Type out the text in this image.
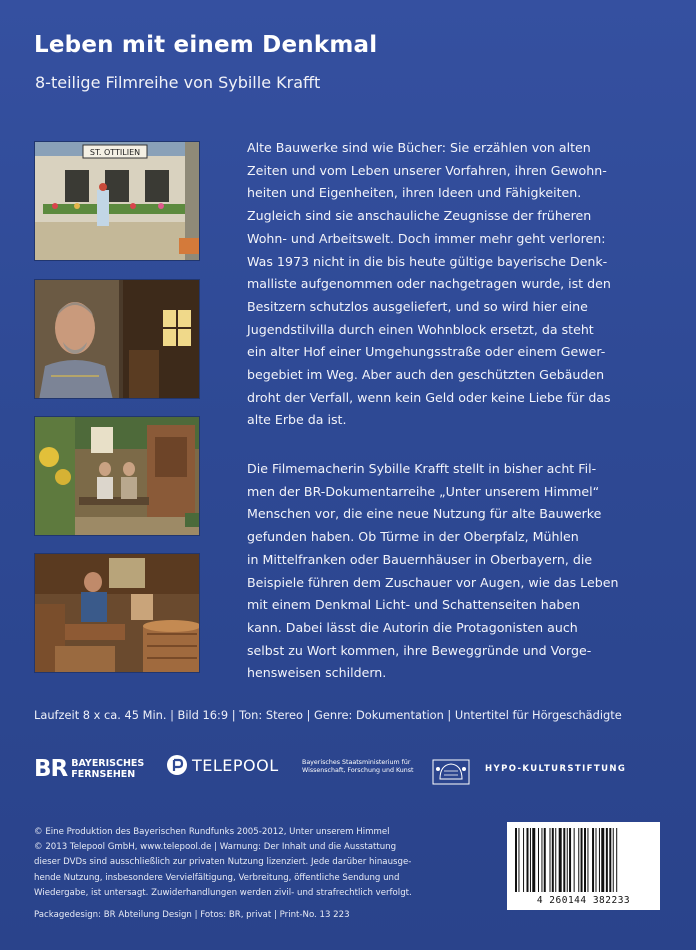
Leben mit einem Denkmal
8-teilige Filmreihe von Sybille Krafft
ST. OTTILIEN	Alte Bauwerke sind wie Bücher: Sie erzählen von alten
Zeiten und vom Leben unserer Vorfahren, ihren Gewohn-
heiten und Eigenheiten, ihren Ideen und Fähigkeiten.
Zugleich sind sie anschauliche Zeugnisse der früheren
Wohn- und Arbeitswelt. Doch immer mehr geht verloren:
Was 1973 nicht in die bis heute gültige bayerische Denk-
malliste aufgenommen oder nachgetragen wurde, ist den
Besitzern schutzlos ausgeliefert, und so wird hier eine
Jugendstilvilla durch einen Wohnblock ersetzt, da steht
ein alter Hof einer Umgehungsstraße oder einem Gewer-
begebiet im Weg. Aber auch den geschützten Gebäuden
droht der Verfall, wenn kein Geld oder keine Liebe für das
alte Erbe da ist.
Die Filmemacherin Sybille Krafft stellt in bisher acht Fil-
men der BR-Dokumentarreihe „Unter unserem Himmel“
Menschen vor, die eine neue Nutzung für alte Bauwerke
gefunden haben. Ob Türme in der Oberpfalz, Mühlen
in Mittelfranken oder Bauernhäuser in Oberbayern, die
Beispiele führen dem Zuschauer vor Augen, wie das Leben
mit einem Denkmal Licht- und Schattenseiten haben
kann. Dabei lässt die Autorin die Protagonisten auch
selbst zu Wort kommen, ihre Beweggründe und Vorge-
hensweisen schildern.
Laufzeit 8 x ca. 45 Min. | Bild 16:9 | Ton: Stereo | Genre: Dokumentation | Untertitel für Hörgeschädigte
BR BAYERISCHES
FERNSEHEN	TELEPOOL	Bayerisches Staatsministerium für
Wissenschaft, Forschung und Kunst	HYPO-KULTURSTIFTUNG
© Eine Produktion des Bayerischen Rundfunks 2005-2012, Unter unserem Himmel
© 2013 Telepool GmbH, www.telepool.de | Warnung: Der Inhalt und die Ausstattung
dieser DVDs sind ausschließlich zur privaten Nutzung lizenziert. Jede darüber hinausge-
hende Nutzung, insbesondere Vervielfältigung, Verbreitung, öffentliche Sendung und
Wiedergabe, ist untersagt. Zuwiderhandlungen werden zivil- und strafrechtlich verfolgt.
Packagedesign: BR Abteilung Design | Fotos: BR, privat | Print-No. 13 223
4 260144 382233
